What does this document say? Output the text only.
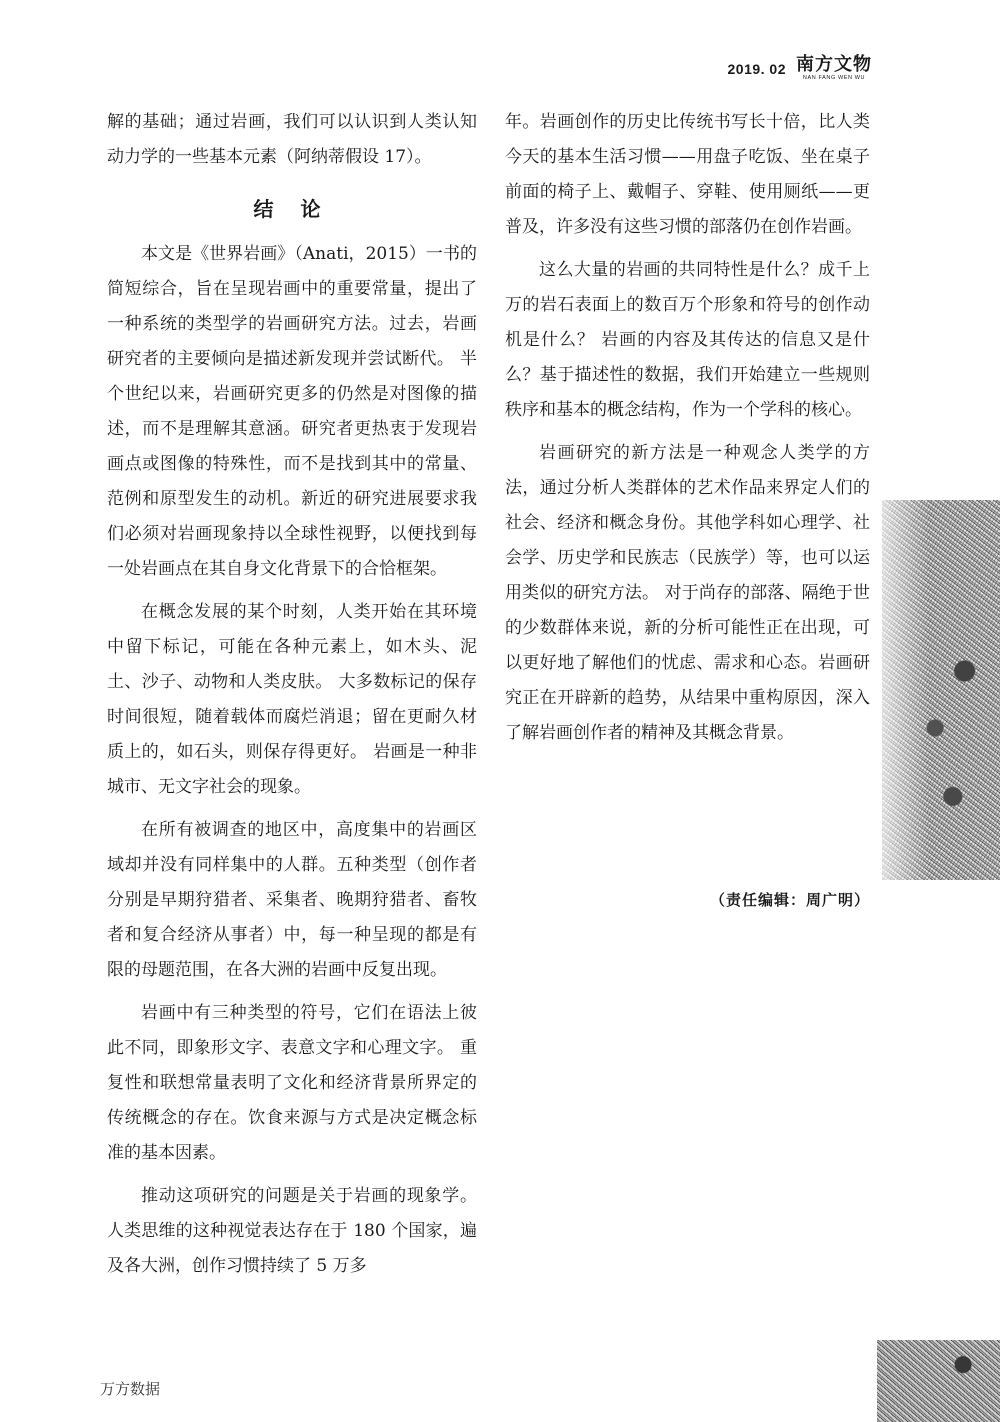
2019. 02 南方文物
NAN FANG WEN WU

解的基础；通过岩画，我们可以认识到人类认知动力学的一些基本元素（阿纳蒂假设 17）。

结 论

本文是《世界岩画》（Anati，2015）一书的简短综合，旨在呈现岩画中的重要常量，提出了一种系统的类型学的岩画研究方法。过去，岩画研究者的主要倾向是描述新发现并尝试断代。 半个世纪以来，岩画研究更多的仍然是对图像的描述，而不是理解其意涵。研究者更热衷于发现岩画点或图像的特殊性，而不是找到其中的常量、范例和原型发生的动机。新近的研究进展要求我们必须对岩画现象持以全球性视野，以便找到每一处岩画点在其自身文化背景下的合恰框架。

在概念发展的某个时刻，人类开始在其环境中留下标记，可能在各种元素上，如木头、泥土、沙子、动物和人类皮肤。 大多数标记的保存时间很短，随着载体而腐烂消退；留在更耐久材质上的，如石头，则保存得更好。 岩画是一种非城市、无文字社会的现象。

在所有被调查的地区中，高度集中的岩画区域却并没有同样集中的人群。五种类型（创作者分别是早期狩猎者、采集者、晚期狩猎者、畜牧者和复合经济从事者）中，每一种呈现的都是有限的母题范围，在各大洲的岩画中反复出现。

岩画中有三种类型的符号，它们在语法上彼此不同，即象形文字、表意文字和心理文字。 重复性和联想常量表明了文化和经济背景所界定的传统概念的存在。饮食来源与方式是决定概念标准的基本因素。

推动这项研究的问题是关于岩画的现象学。 人类思维的这种视觉表达存在于 180 个国家，遍及各大洲，创作习惯持续了 5 万多

年。岩画创作的历史比传统书写长十倍，比人类今天的基本生活习惯——用盘子吃饭、坐在桌子前面的椅子上、戴帽子、穿鞋、使用厕纸——更普及，许多没有这些习惯的部落仍在创作岩画。

这么大量的岩画的共同特性是什么？成千上万的岩石表面上的数百万个形象和符号的创作动机是什么？ 岩画的内容及其传达的信息又是什么？基于描述性的数据，我们开始建立一些规则秩序和基本的概念结构，作为一个学科的核心。

岩画研究的新方法是一种观念人类学的方法，通过分析人类群体的艺术作品来界定人们的社会、经济和概念身份。其他学科如心理学、社会学、历史学和民族志（民族学）等，也可以运用类似的研究方法。 对于尚存的部落、隔绝于世的少数群体来说，新的分析可能性正在出现，可以更好地了解他们的忧虑、需求和心态。岩画研究正在开辟新的趋势，从结果中重构原因，深入了解岩画创作者的精神及其概念背景。

（责任编辑：周广明）
万方数据
